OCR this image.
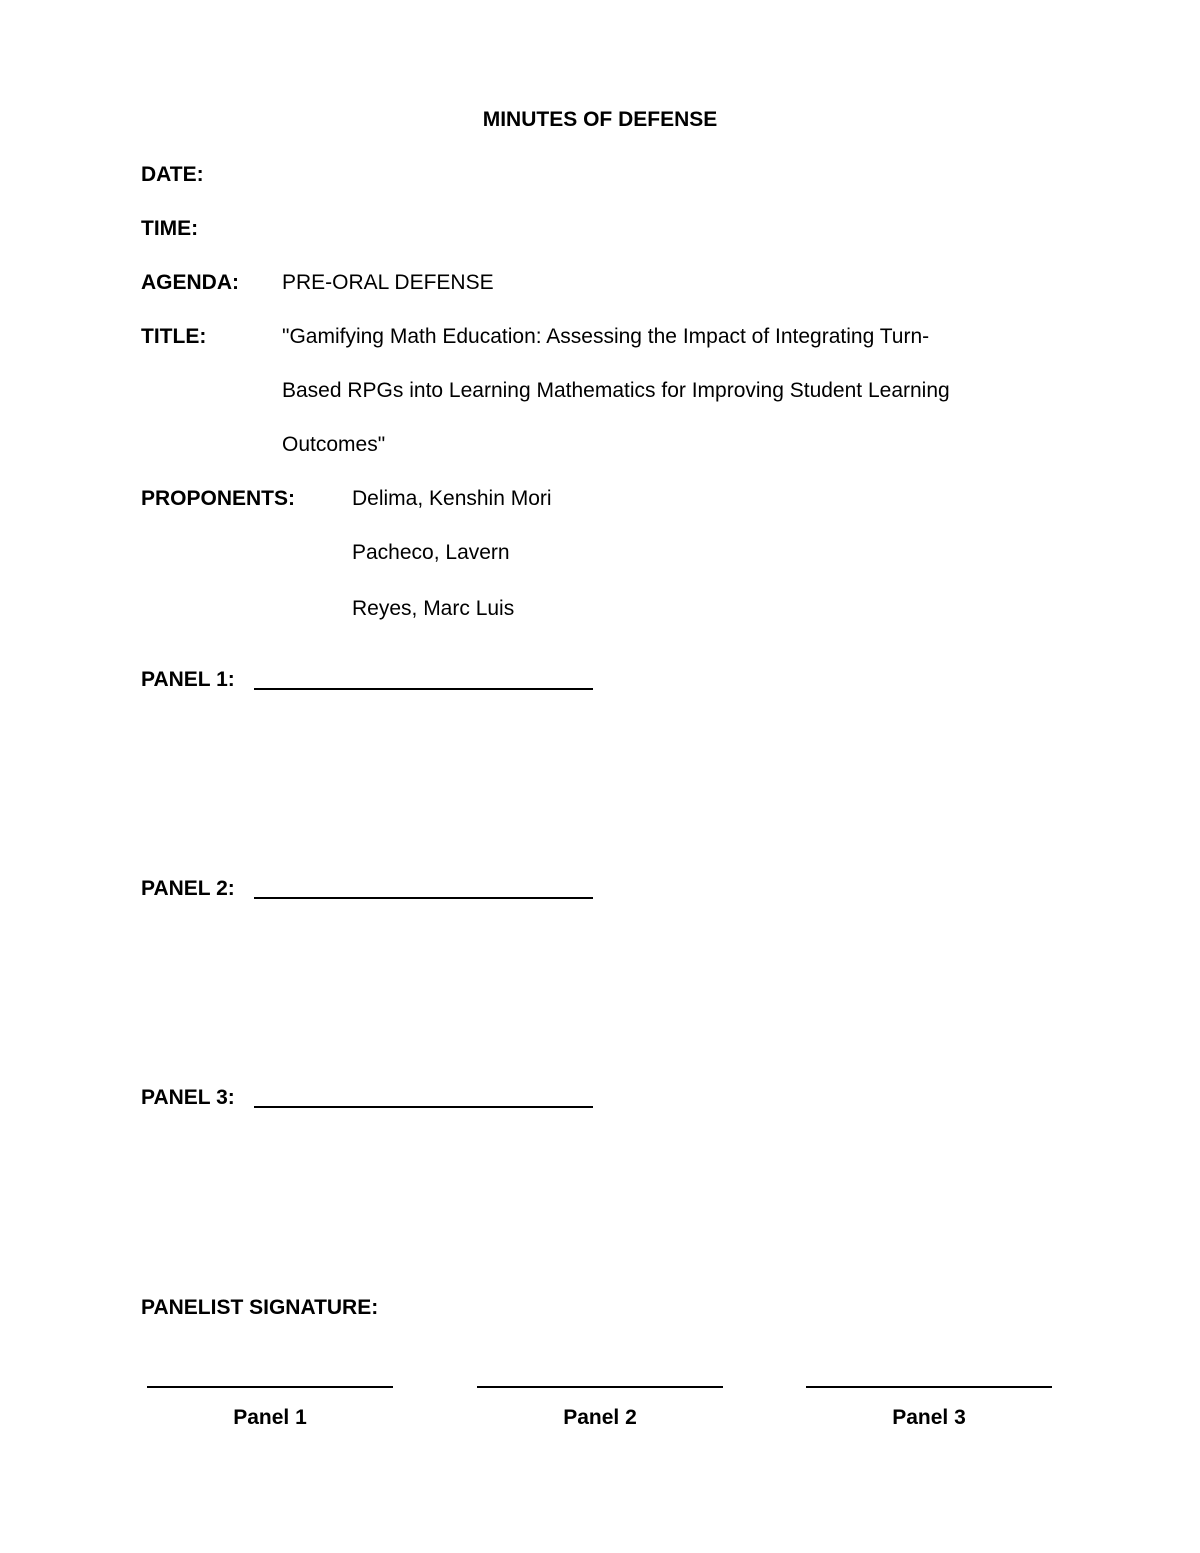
MINUTES OF DEFENSE
DATE:
TIME:
AGENDA: PRE-ORAL DEFENSE
TITLE:	"Gamifying Math Education: Assessing the Impact of Integrating Turn-
Based RPGs into Learning Mathematics for Improving Student Learning
Outcomes"
PROPONENTS:	Delima, Kenshin Mori
Pacheco, Lavern
Reyes, Marc Luis
PANEL 1:
PANEL 2:
PANEL 3:
PANELIST SIGNATURE:
Panel 1	Panel 2	Panel 3
